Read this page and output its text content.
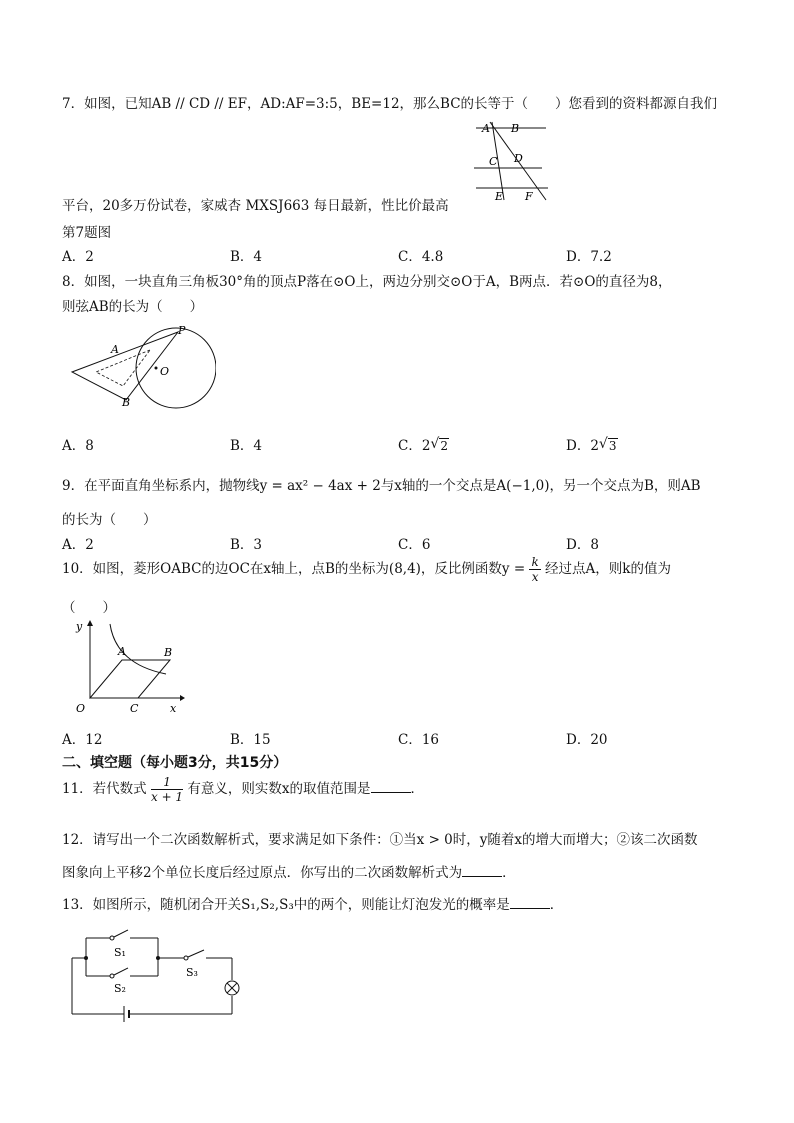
7．如图，已知AB // CD // EF，AD:AF=3:5，BE=12，那么BC的长等于（　　）您看到的资料都源自我们
A B
C D
E F
平台，20多万份试卷，家威杏 MXSJ663 每日最新，性比价最高
第7题图
A．2	B．4	C．4.8	D．7.2
8．如图，一块直角三角板30°角的顶点P落在⊙O上，两边分别交⊙O于A，B两点．若⊙O的直径为8，
则弦AB的长为（　　）
P
A
O
B
A．8	B．4	C．2 √ 2	D．2 √ 3
9．在平面直角坐标系内，抛物线y = ax² − 4ax + 2与x轴的一个交点是A(−1,0)，另一个交点为B，则AB
的长为（　　）
A．2	B．3	C．6	D．8
10．如图，菱形OABC的边OC在x轴上，点B的坐标为(8,4)，反比例函数$y = \frac{k}{x}$ 经过点A，则k的值为
（　　）
y
A	B
O	C	x
A．12	B．15	C．16	D．20
二、填空题（每小题3分，共15分）
11．若代数式 $\frac{1}{x + 1}$ 有意义，则实数x的取值范围是	．
12．请写出一个二次函数解析式，要求满足如下条件：①当x > 0时，y随着x的增大而增大；②该二次函数
图象向上平移2个单位长度后经过原点．你写出的二次函数解析式为	．
13．如图所示，随机闭合开关S₁,S₂,S₃中的两个，则能让灯泡发光的概率是	．
S₁
S₂
S₃
